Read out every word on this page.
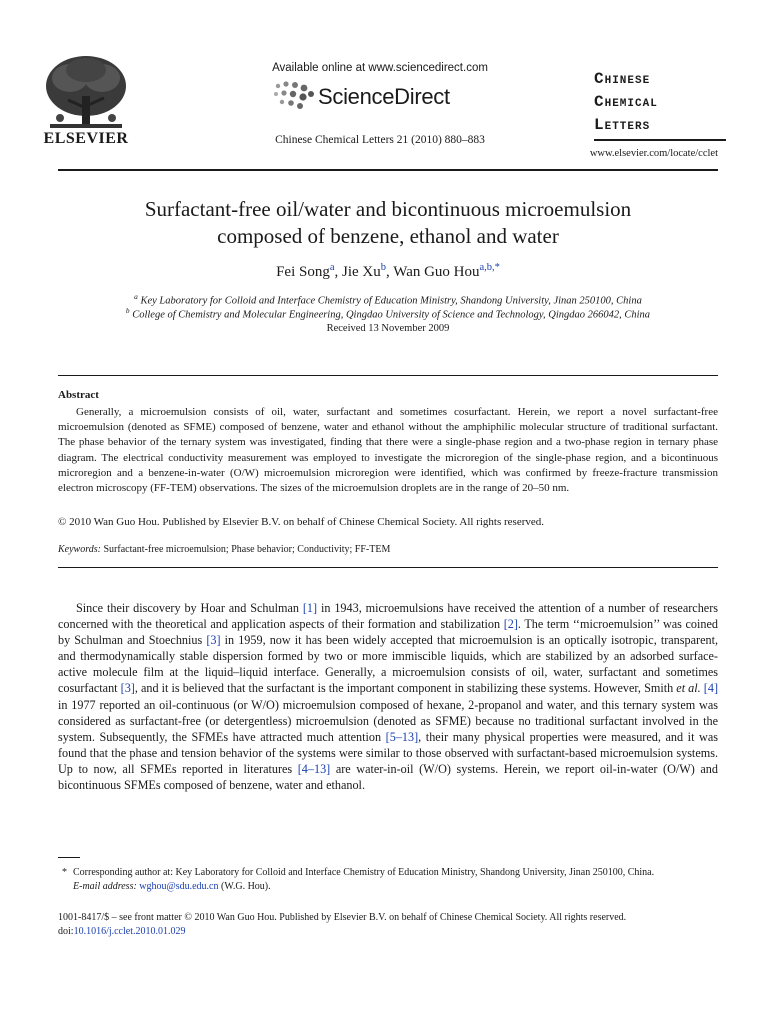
ELSEVIER
Available online at www.sciencedirect.com
ScienceDirect
Chinese Chemical Letters 21 (2010) 880–883
Chinese
Chemical
Letters
www.elsevier.com/locate/cclet
Surfactant-free oil/water and bicontinuous microemulsion
composed of benzene, ethanol and water
Fei Song$^a$, Jie Xu$^b$, Wan Guo Hou$^{a,b,*}$
$^a$ Key Laboratory for Colloid and Interface Chemistry of Education Ministry, Shandong University, Jinan 250100, China
$^b$ College of Chemistry and Molecular Engineering, Qingdao University of Science and Technology, Qingdao 266042, China
Received 13 November 2009
Abstract

Generally, a microemulsion consists of oil, water, surfactant and sometimes cosurfactant. Herein, we report a novel surfactant-free microemulsion (denoted as SFME) composed of benzene, water and ethanol without the amphiphilic molecular structure of traditional surfactant. The phase behavior of the ternary system was investigated, finding that there were a single-phase region and a two-phase region in ternary phase diagram. The electrical conductivity measurement was employed to investigate the microregion of the single-phase region, and a bicontinuous microregion and a benzene-in-water (O/W) microemulsion microregion were identified, which was confirmed by freeze-fracture transmission electron microscopy (FF-TEM) observations. The sizes of the microemulsion droplets are in the range of 20–50 nm.

© 2010 Wan Guo Hou. Published by Elsevier B.V. on behalf of Chinese Chemical Society. All rights reserved.
Keywords: Surfactant-free microemulsion; Phase behavior; Conductivity; FF-TEM

Since their discovery by Hoar and Schulman [1] in 1943, microemulsions have received the attention of a number of researchers concerned with the theoretical and application aspects of their formation and stabilization [2]. The term ‘‘microemulsion’’ was coined by Schulman and Stoechnius [3] in 1959, now it has been widely accepted that microemulsion is an optically isotropic, transparent, and thermodynamically stable dispersion formed by two or more immiscible liquids, which are stabilized by an adsorbed surface-active molecule film at the liquid–liquid interface. Generally, a microemulsion consists of oil, water, surfactant and sometimes cosurfactant [3], and it is believed that the surfactant is the important component in stabilizing these systems. However, Smith et al. [4] in 1977 reported an oil-continuous (or W/O) microemulsion composed of hexane, 2-propanol and water, and this ternary system was considered as surfactant-free (or detergentless) microemulsion (denoted as SFME) because no traditional surfactant involved in the system. Subsequently, the SFMEs have attracted much attention [5–13], their many physical properties were measured, and it was found that the phase and tension behavior of the systems were similar to those observed with surfactant-based microemulsion systems. Up to now, all SFMEs reported in literatures [4–13] are water-in-oil (W/O) systems. Herein, we report oil-in-water (O/W) and bicontinuous SFMEs composed of benzene, water and ethanol.

* Corresponding author at: Key Laboratory for Colloid and Interface Chemistry of Education Ministry, Shandong University, Jinan 250100, China.
E-mail address: wghou@sdu.edu.cn (W.G. Hou).
1001-8417/$ – see front matter © 2010 Wan Guo Hou. Published by Elsevier B.V. on behalf of Chinese Chemical Society. All rights reserved.
doi:10.1016/j.cclet.2010.01.029
